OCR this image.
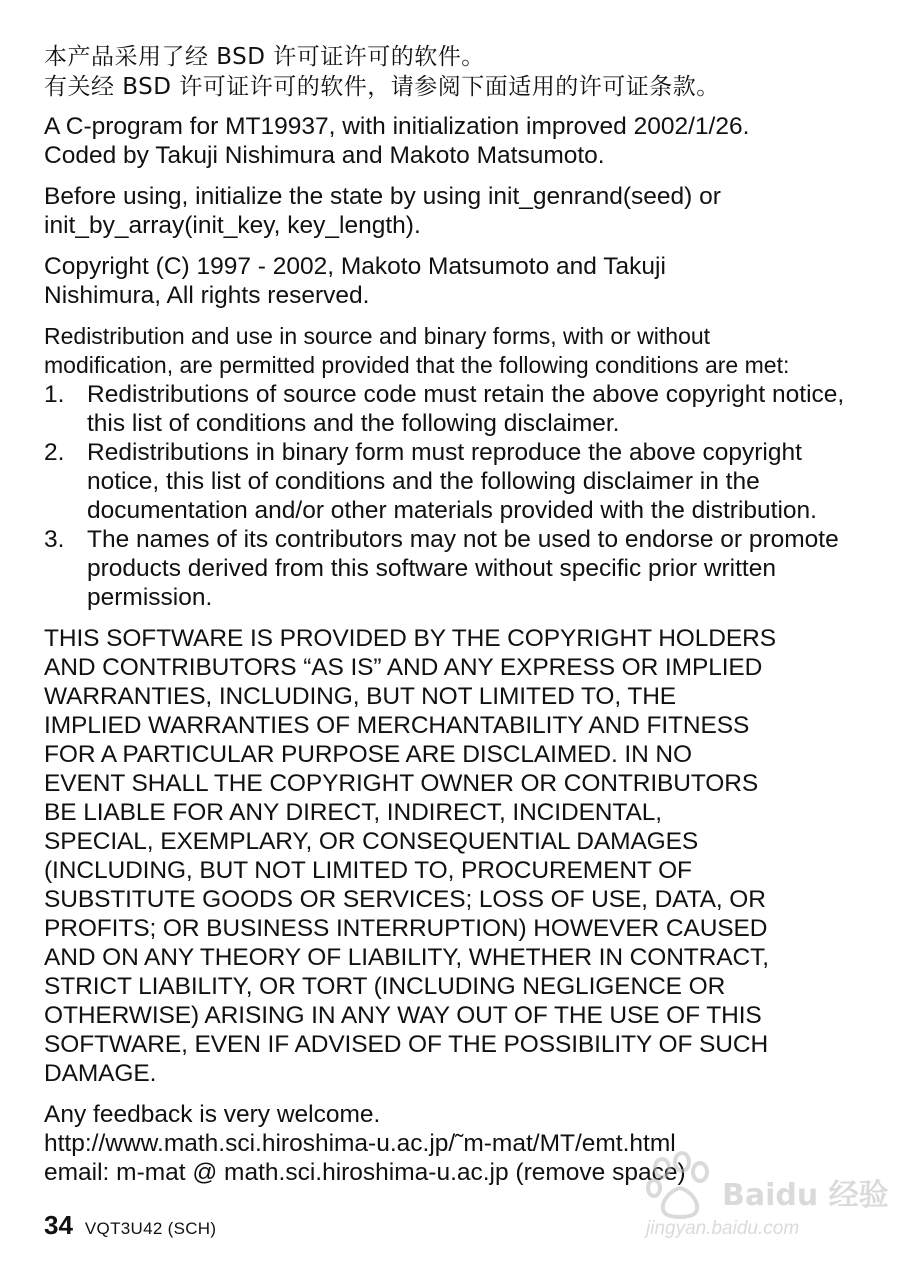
本产品采用了经 BSD 许可证许可的软件。
有关经 BSD 许可证许可的软件，请参阅下面适用的许可证条款。
A C-program for MT19937, with initialization improved 2002/1/26.
Coded by Takuji Nishimura and Makoto Matsumoto.
Before using, initialize the state by using init_genrand(seed) or
init_by_array(init_key, key_length).
Copyright (C) 1997 - 2002, Makoto Matsumoto and Takuji
Nishimura, All rights reserved.
Redistribution and use in source and binary forms, with or without
modification, are permitted provided that the following conditions are met:
1. Redistributions of source code must retain the above copyright notice, this list of conditions and the following disclaimer.
2. Redistributions in binary form must reproduce the above copyright notice, this list of conditions and the following disclaimer in the documentation and/or other materials provided with the distribution.
3. The names of its contributors may not be used to endorse or promote products derived from this software without specific prior written permission.
THIS SOFTWARE IS PROVIDED BY THE COPYRIGHT HOLDERS
AND CONTRIBUTORS “AS IS” AND ANY EXPRESS OR IMPLIED
WARRANTIES, INCLUDING, BUT NOT LIMITED TO, THE
IMPLIED WARRANTIES OF MERCHANTABILITY AND FITNESS
FOR A PARTICULAR PURPOSE ARE DISCLAIMED. IN NO
EVENT SHALL THE COPYRIGHT OWNER OR CONTRIBUTORS
BE LIABLE FOR ANY DIRECT, INDIRECT, INCIDENTAL,
SPECIAL, EXEMPLARY, OR CONSEQUENTIAL DAMAGES
(INCLUDING, BUT NOT LIMITED TO, PROCUREMENT OF
SUBSTITUTE GOODS OR SERVICES; LOSS OF USE, DATA, OR
PROFITS; OR BUSINESS INTERRUPTION) HOWEVER CAUSED
AND ON ANY THEORY OF LIABILITY, WHETHER IN CONTRACT,
STRICT LIABILITY, OR TORT (INCLUDING NEGLIGENCE OR
OTHERWISE) ARISING IN ANY WAY OUT OF THE USE OF THIS
SOFTWARE, EVEN IF ADVISED OF THE POSSIBILITY OF SUCH
DAMAGE.
Any feedback is very welcome.
http://www.math.sci.hiroshima-u.ac.jp/˜m-mat/MT/emt.html
email: m-mat @ math.sci.hiroshima-u.ac.jp (remove space)
34 VQT3U42 (SCH)
Baidu 经验
jingyan.baidu.com
